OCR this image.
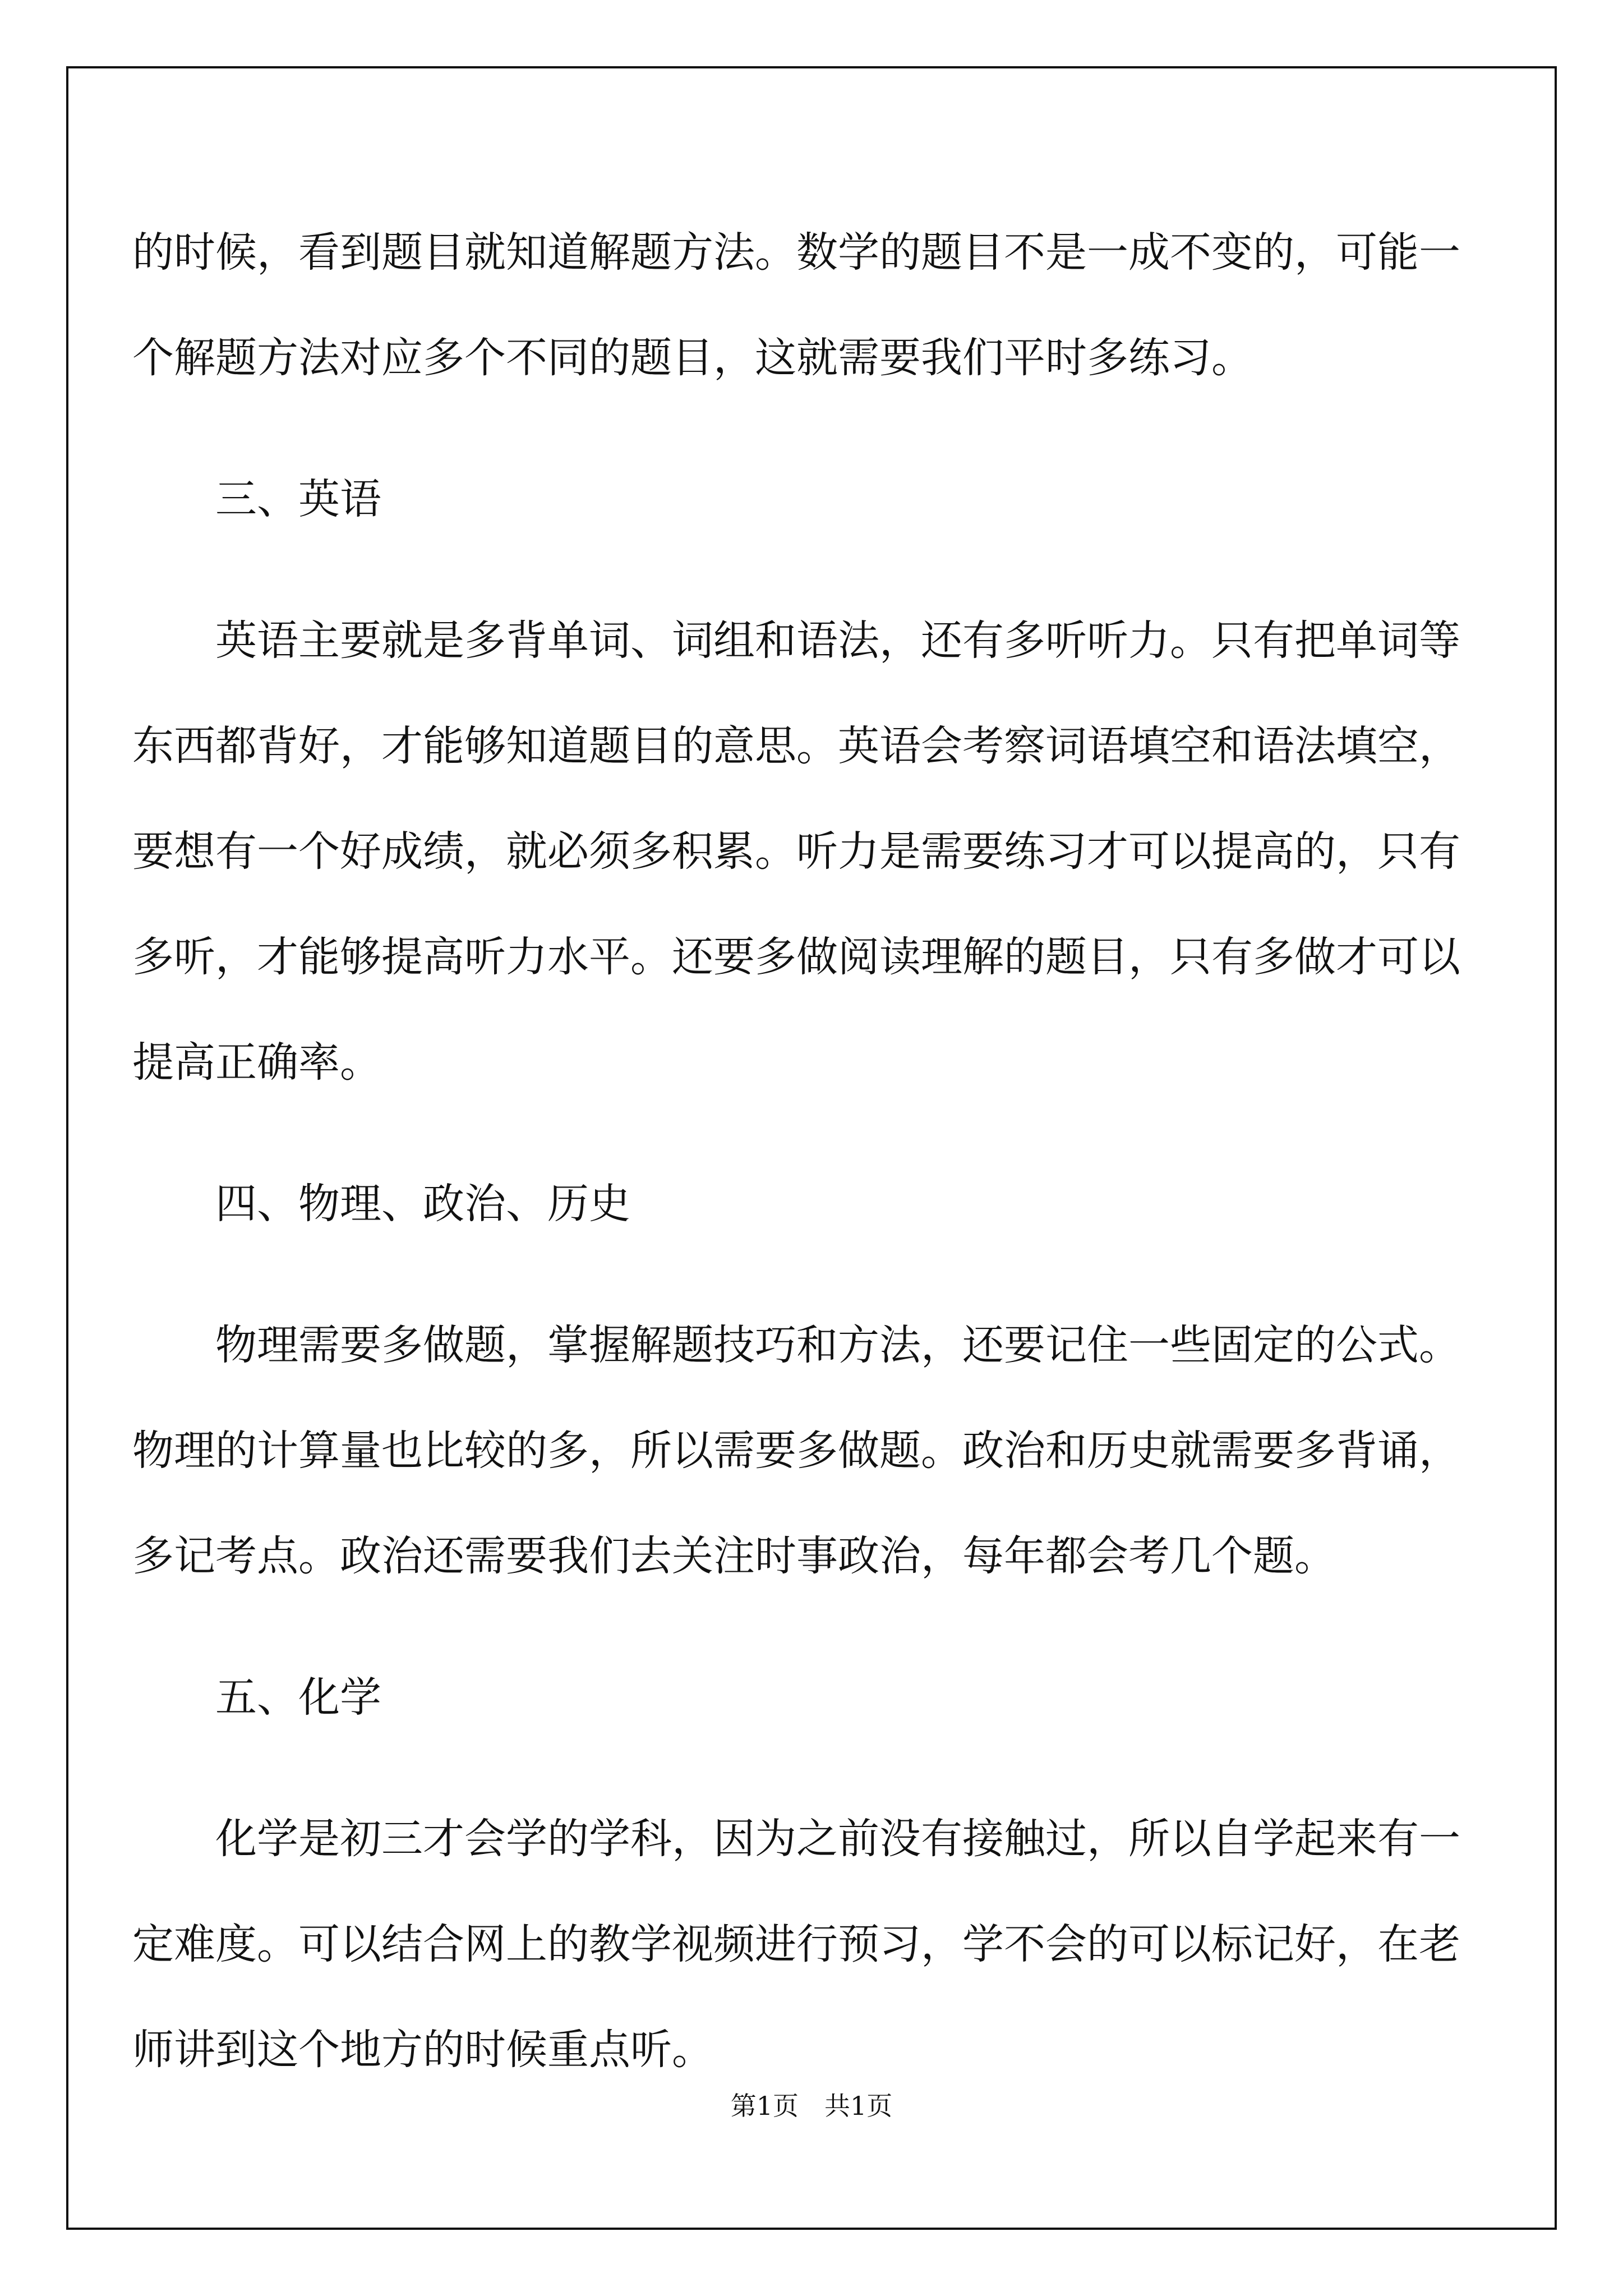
的时候，看到题目就知道解题方法。数学的题目不是一成不变的，可能一个解题方法对应多个不同的题目，这就需要我们平时多练习。

三、英语

英语主要就是多背单词、词组和语法，还有多听听力。只有把单词等东西都背好，才能够知道题目的意思。英语会考察词语填空和语法填空，要想有一个好成绩，就必须多积累。听力是需要练习才可以提高的，只有多听，才能够提高听力水平。还要多做阅读理解的题目，只有多做才可以提高正确率。

四、物理、政治、历史

物理需要多做题，掌握解题技巧和方法，还要记住一些固定的公式。物理的计算量也比较的多，所以需要多做题。政治和历史就需要多背诵，多记考点。政治还需要我们去关注时事政治，每年都会考几个题。

五、化学

化学是初三才会学的学科，因为之前没有接触过，所以自学起来有一定难度。可以结合网上的教学视频进行预习，学不会的可以标记好，在老师讲到这个地方的时候重点听。

第1页　共1页
